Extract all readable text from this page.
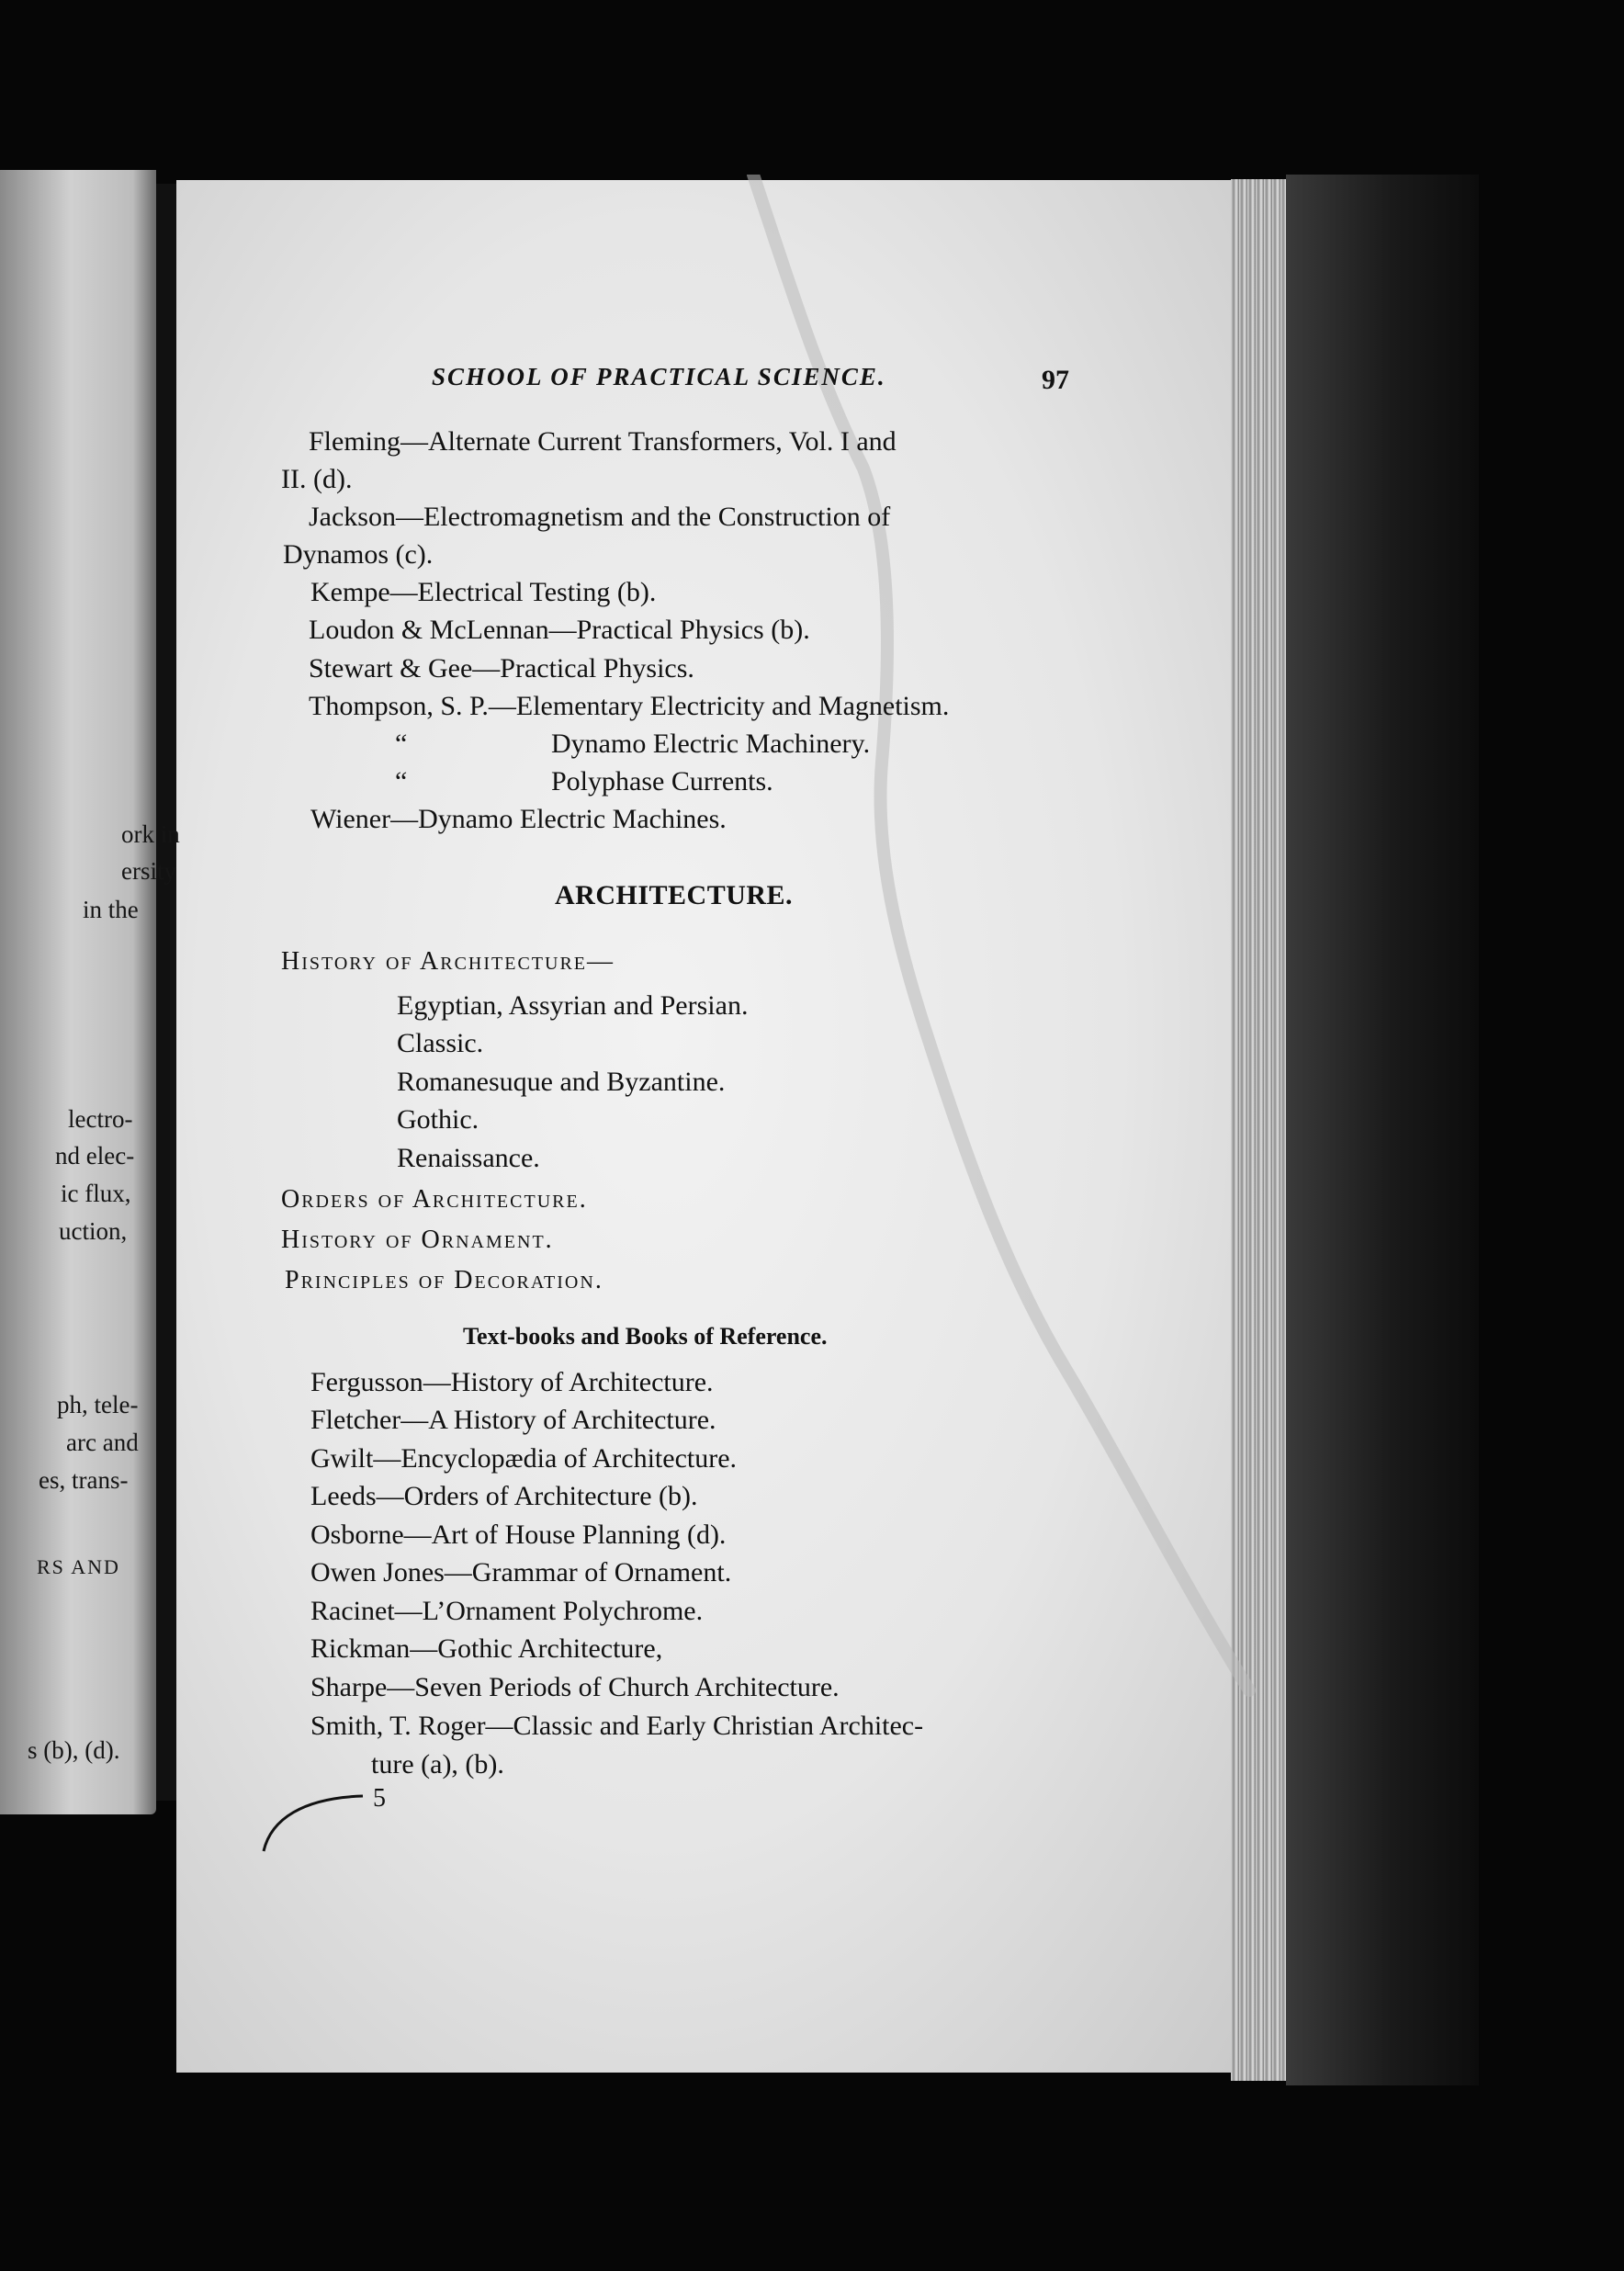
ork in
ersity
in the
lectro-
nd elec-
ic flux,
uction,
ph, tele-
arc and
es, trans-
RS AND
s (b), (d).
SCHOOL OF PRACTICAL SCIENCE.	97
Fleming—Alternate Current Transformers, Vol. I and
II. (d).
Jackson—Electromagnetism and the Construction of
Dynamos (c).
Kempe—Electrical Testing (b).
Loudon & McLennan—Practical Physics (b).
Stewart & Gee—Practical Physics.
Thompson, S. P.—Elementary Electricity and Magnetism.
“	Dynamo Electric Machinery.
“	Polyphase Currents.
Wiener—Dynamo Electric Machines.
ARCHITECTURE.
History of Architecture—
Egyptian, Assyrian and Persian.
Classic.
Romanesuque and Byzantine.
Gothic.
Renaissance.
Orders of Architecture.
History of Ornament.
Principles of Decoration.
Text-books and Books of Reference.
Fergusson—History of Architecture.
Fletcher—A History of Architecture.
Gwilt—Encyclopædia of Architecture.
Leeds—Orders of Architecture (b).
Osborne—Art of House Planning (d).
Owen Jones—Grammar of Ornament.
Racinet—L’Ornament Polychrome.
Rickman—Gothic Architecture,
Sharpe—Seven Periods of Church Architecture.
Smith, T. Roger—Classic and Early Christian Architec-
ture (a), (b).
5
